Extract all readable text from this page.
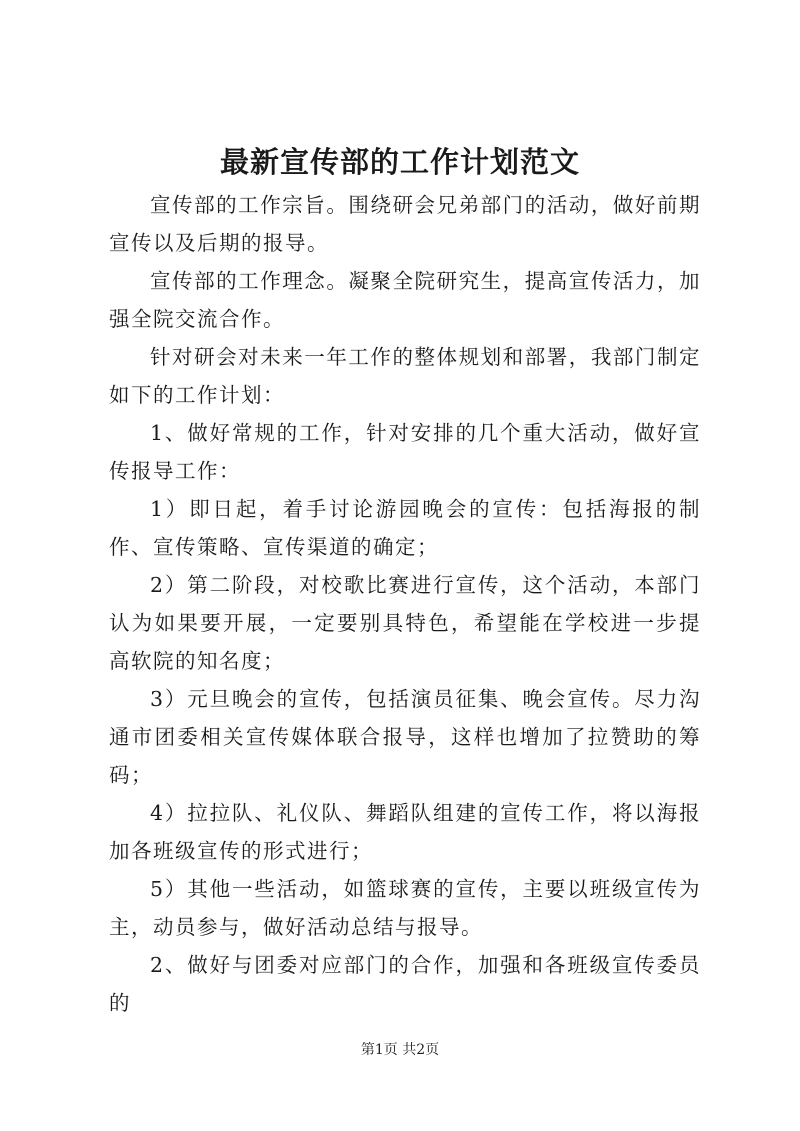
最新宣传部的工作计划范文

宣传部的工作宗旨。围绕研会兄弟部门的活动，做好前期宣传以及后期的报导。

宣传部的工作理念。凝聚全院研究生，提高宣传活力，加强全院交流合作。

针对研会对未来一年工作的整体规划和部署，我部门制定如下的工作计划：

1、做好常规的工作，针对安排的几个重大活动，做好宣传报导工作：

1）即日起，着手讨论游园晚会的宣传：包括海报的制作、宣传策略、宣传渠道的确定；

2）第二阶段，对校歌比赛进行宣传，这个活动，本部门认为如果要开展，一定要别具特色，希望能在学校进一步提高软院的知名度；

3）元旦晚会的宣传，包括演员征集、晚会宣传。尽力沟通市团委相关宣传媒体联合报导，这样也增加了拉赞助的筹码；

4）拉拉队、礼仪队、舞蹈队组建的宣传工作，将以海报加各班级宣传的形式进行；

5）其他一些活动，如篮球赛的宣传，主要以班级宣传为主，动员参与，做好活动总结与报导。

2、做好与团委对应部门的合作，加强和各班级宣传委员的

第1页 共2页
